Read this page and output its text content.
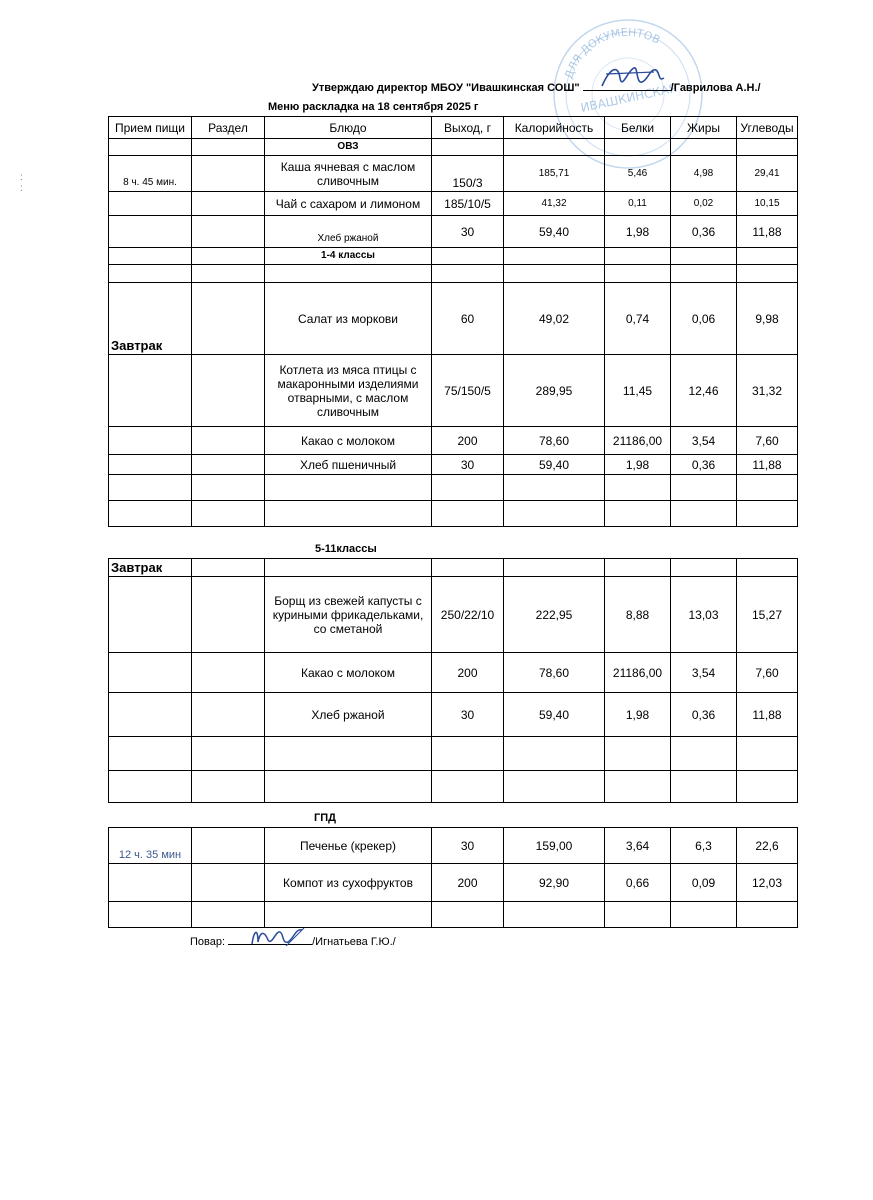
ДЛЯ ДОКУМЕНТОВ
ИВАШКИНСКАЯ
Утверждаю директор МБОУ "Ивашкинская СОШ"	/Гаврилова А.Н./
Меню раскладка на 18 сентября 2025 г
:
:
Прием пищи	Раздел	Блюдо	Выход, г	Калорийность	Белки	Жиры	Углеводы
		ОВЗ					
8 ч. 45 мин.		Каша ячневая с маслом сливочным	150/3	185,71	5,46	4,98	29,41
		Чай с сахаром и лимоном	185/10/5	41,32	0,11	0,02	10,15
		Хлеб ржаной	30	59,40	1,98	0,36	11,88
		1-4 классы					

Завтрак		Салат из моркови	60	49,02	0,74	0,06	9,98
		Котлета из мяса птицы с макаронными изделиями отварными, с маслом сливочным	75/150/5	289,95	11,45	12,46	31,32
		Какао с молоком	200	78,60	21186,00	3,54	7,60
		Хлеб пшеничный	30	59,40	1,98	0,36	11,88

5-11классы
Завтрак							
		Борщ из свежей капусты с куриными фрикадельками, со сметаной	250/22/10	222,95	8,88	13,03	15,27
		Какао с молоком	200	78,60	21186,00	3,54	7,60
		Хлеб ржаной	30	59,40	1,98	0,36	11,88

ГПД
12 ч. 35 мин		Печенье (крекер)	30	159,00	3,64	6,3	22,6
		Компот из сухофруктов	200	92,90	0,66	0,09	12,03

Повар:	/Игнатьева Г.Ю./
